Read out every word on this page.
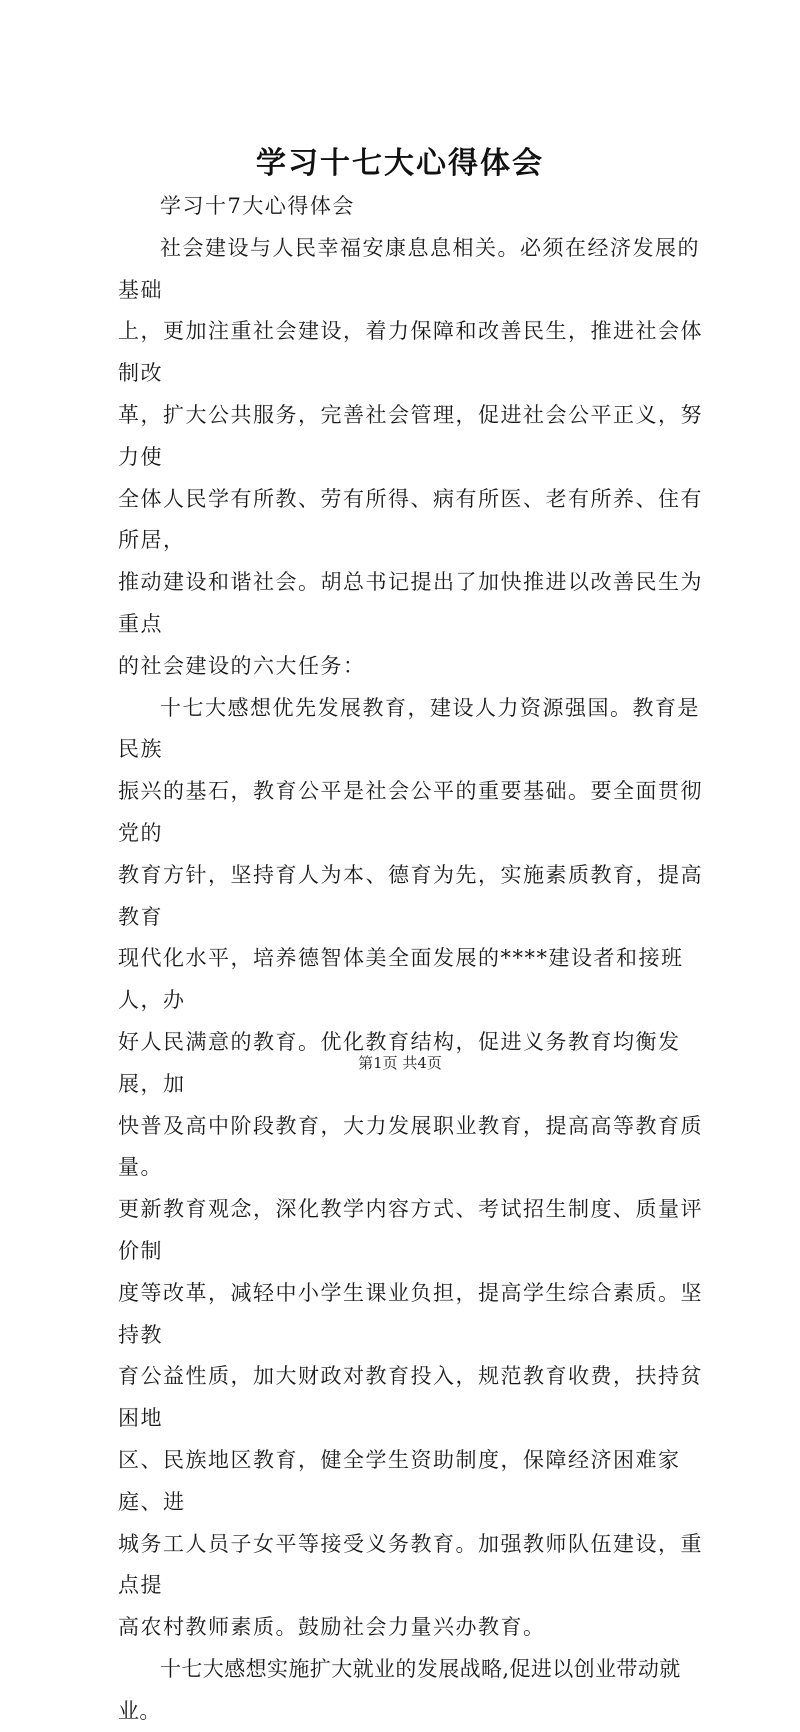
学习十七大心得体会

学习十7大心得体会

社会建设与人民幸福安康息息相关。必须在经济发展的基础
上，更加注重社会建设，着力保障和改善民生，推进社会体制改
革，扩大公共服务，完善社会管理，促进社会公平正义，努力使
全体人民学有所教、劳有所得、病有所医、老有所养、住有所居，
推动建设和谐社会。胡总书记提出了加快推进以改善民生为重点
的社会建设的六大任务：

十七大感想优先发展教育，建设人力资源强国。教育是民族
振兴的基石，教育公平是社会公平的重要基础。要全面贯彻党的
教育方针，坚持育人为本、德育为先，实施素质教育，提高教育
现代化水平，培养德智体美全面发展的****建设者和接班人，办
好人民满意的教育。优化教育结构，促进义务教育均衡发展，加
快普及高中阶段教育，大力发展职业教育，提高高等教育质量。
更新教育观念，深化教学内容方式、考试招生制度、质量评价制
度等改革，减轻中小学生课业负担，提高学生综合素质。坚持教
育公益性质，加大财政对教育投入，规范教育收费，扶持贫困地
区、民族地区教育，健全学生资助制度，保障经济困难家庭、进
城务工人员子女平等接受义务教育。加强教师队伍建设，重点提
高农村教师素质。鼓励社会力量兴办教育。

十七大感想实施扩大就业的发展战略,促进以创业带动就业。

第1页 共4页
